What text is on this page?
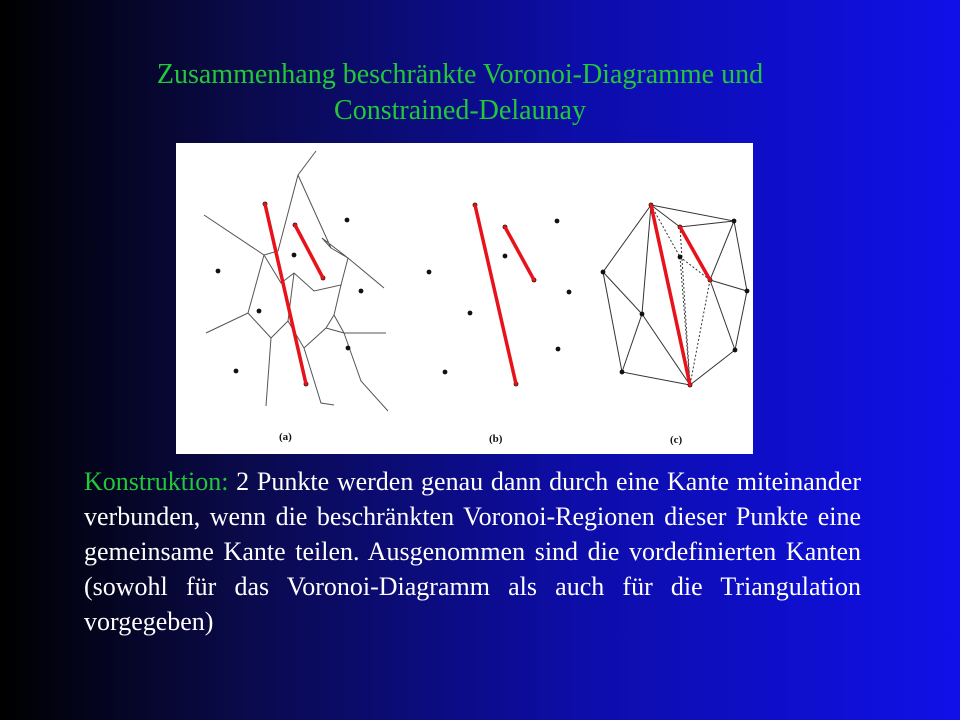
Zusammenhang beschränkte Voronoi-Diagramme und
Constrained-Delaunay
(a)	(b)	(c)
Konstruktion: 2 Punkte werden genau dann durch eine Kante miteinander verbunden, wenn die beschränkten Voronoi-Regionen dieser Punkte eine gemeinsame Kante teilen. Ausgenommen sind die vordefinierten Kanten (sowohl für das Voronoi-Diagramm als auch für die Triangulation vorgegeben)
